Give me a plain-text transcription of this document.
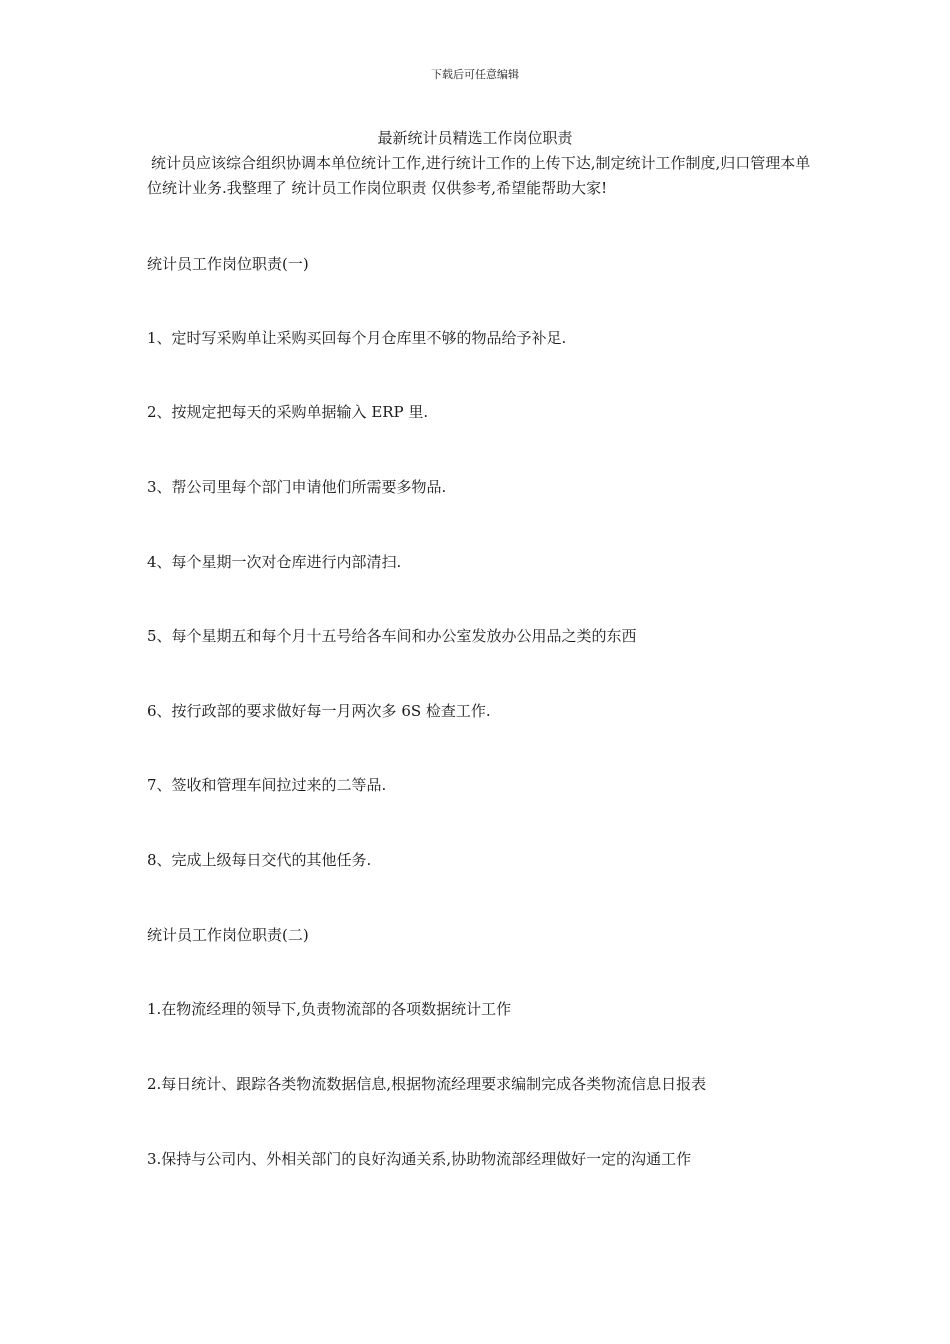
下载后可任意编辑
最新统计员精选工作岗位职责
统计员应该综合组织协调本单位统计工作,进行统计工作的上传下达,制定统计工作制度,归口管理本单位统计业务.我整理了 统计员工作岗位职责 仅供参考,希望能帮助大家!
统计员工作岗位职责(一)
1、定时写采购单让采购买回每个月仓库里不够的物品给予补足.
2、按规定把每天的采购单据输入 ERP 里.
3、帮公司里每个部门申请他们所需要多物品.
4、每个星期一次对仓库进行内部清扫.
5、每个星期五和每个月十五号给各车间和办公室发放办公用品之类的东西
6、按行政部的要求做好每一月两次多 6S 检查工作.
7、签收和管理车间拉过来的二等品.
8、完成上级每日交代的其他任务.
统计员工作岗位职责(二)
1.在物流经理的领导下,负责物流部的各项数据统计工作
2.每日统计、跟踪各类物流数据信息,根据物流经理要求编制完成各类物流信息日报表
3.保持与公司内、外相关部门的良好沟通关系,协助物流部经理做好一定的沟通工作
